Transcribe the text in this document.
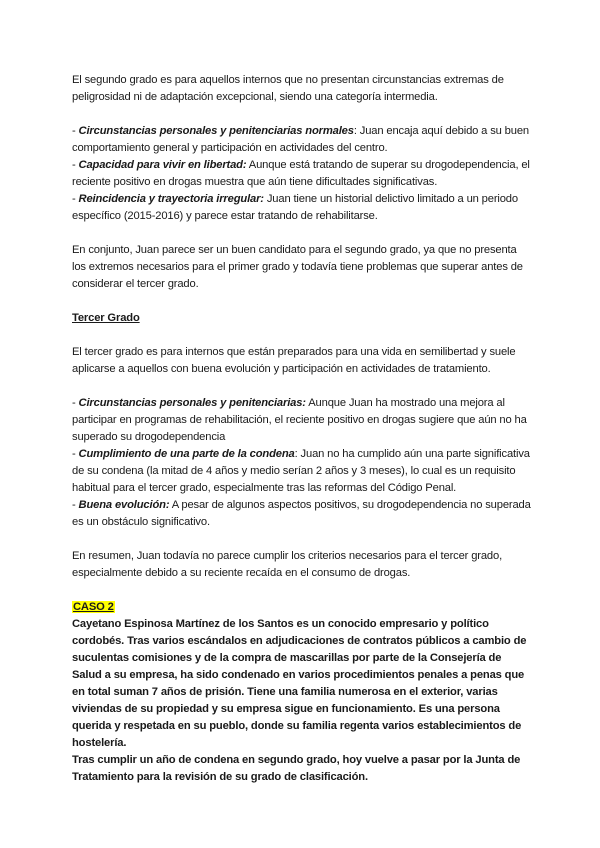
El segundo grado es para aquellos internos que no presentan circunstancias extremas de peligrosidad ni de adaptación excepcional, siendo una categoría intermedia.

- Circunstancias personales y penitenciarias normales: Juan encaja aquí debido a su buen comportamiento general y participación en actividades del centro.

- Capacidad para vivir en libertad: Aunque está tratando de superar su drogodependencia, el reciente positivo en drogas muestra que aún tiene dificultades significativas.

- Reincidencia y trayectoria irregular: Juan tiene un historial delictivo limitado a un periodo específico (2015-2016) y parece estar tratando de rehabilitarse.

En conjunto, Juan parece ser un buen candidato para el segundo grado, ya que no presenta los extremos necesarios para el primer grado y todavía tiene problemas que superar antes de considerar el tercer grado.

Tercer Grado

El tercer grado es para internos que están preparados para una vida en semilibertad y suele aplicarse a aquellos con buena evolución y participación en actividades de tratamiento.

- Circunstancias personales y penitenciarias: Aunque Juan ha mostrado una mejora al participar en programas de rehabilitación, el reciente positivo en drogas sugiere que aún no ha superado su drogodependencia

- Cumplimiento de una parte de la condena: Juan no ha cumplido aún una parte significativa de su condena (la mitad de 4 años y medio serían 2 años y 3 meses), lo cual es un requisito habitual para el tercer grado, especialmente tras las reformas del Código Penal.

- Buena evolución: A pesar de algunos aspectos positivos, su drogodependencia no superada es un obstáculo significativo.

En resumen, Juan todavía no parece cumplir los criterios necesarios para el tercer grado, especialmente debido a su reciente recaída en el consumo de drogas.

CASO 2

Cayetano Espinosa Martínez de los Santos es un conocido empresario y político cordobés. Tras varios escándalos en adjudicaciones de contratos públicos a cambio de suculentas comisiones y de la compra de mascarillas por parte de la Consejería de Salud a su empresa, ha sido condenado en varios procedimientos penales a penas que en total suman 7 años de prisión. Tiene una familia numerosa en el exterior, varias viviendas de su propiedad y su empresa sigue en funcionamiento. Es una persona querida y respetada en su pueblo, donde su familia regenta varios establecimientos de hostelería.

Tras cumplir un año de condena en segundo grado, hoy vuelve a pasar por la Junta de Tratamiento para la revisión de su grado de clasificación.
